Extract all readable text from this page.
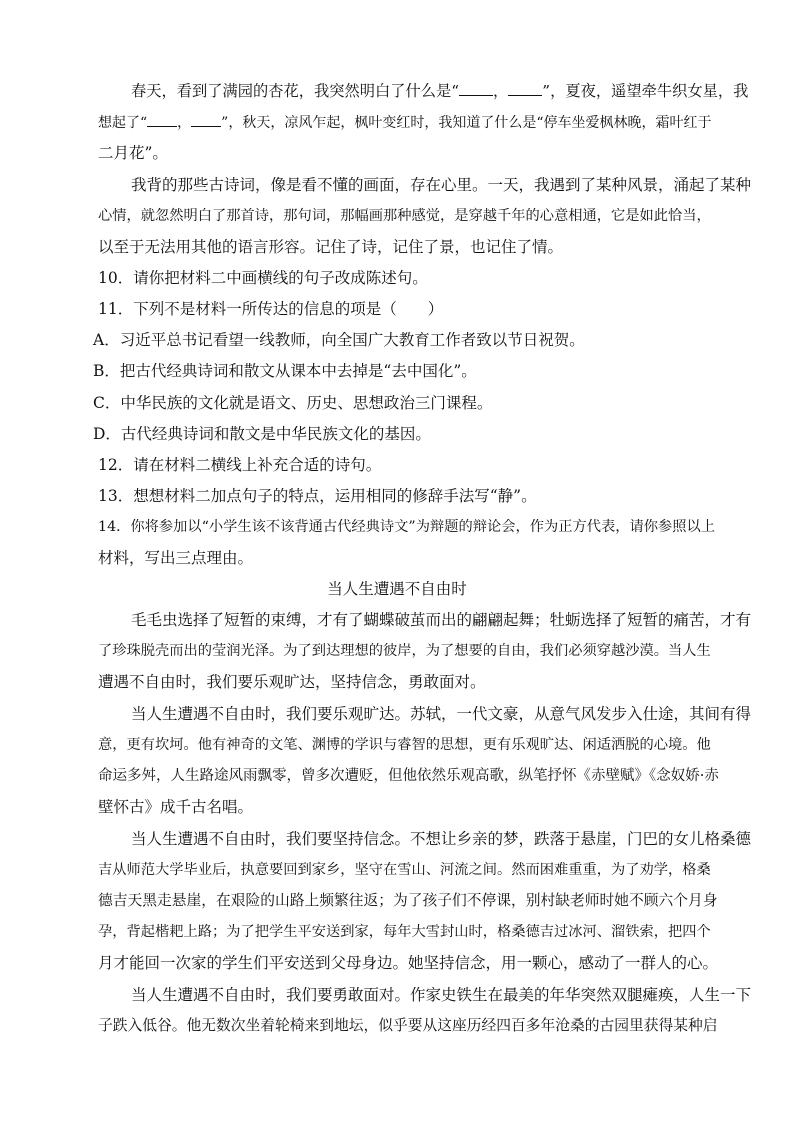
春天，看到了满园的杏花，我突然明白了什么是“ ， ”，夏夜，遥望牵牛织女星，我
想起了“ ， ”，秋天，凉风乍起，枫叶变红时，我知道了什么是“停车坐爱枫林晚，霜叶红于
二月花”。
我背的那些古诗词，像是看不懂的画面，存在心里。一天，我遇到了某种风景，涌起了某种
心情，就忽然明白了那首诗，那句词，那幅画那种感觉，是穿越千年的心意相通，它是如此恰当，
以至于无法用其他的语言形容。记住了诗，记住了景，也记住了情。
10．请你把材料二中画横线的句子改成陈述句。
11．下列不是材料一所传达的信息的项是（　　）
A．习近平总书记看望一线教师，向全国广大教育工作者致以节日祝贺。
B．把古代经典诗词和散文从课本中去掉是“去中国化”。
C．中华民族的文化就是语文、历史、思想政治三门课程。
D．古代经典诗词和散文是中华民族文化的基因。
12．请在材料二横线上补充合适的诗句。
13．想想材料二加点句子的特点，运用相同的修辞手法写“静”。
14．你将参加以“小学生该不该背通古代经典诗文”为辩题的辩论会，作为正方代表，请你参照以上
材料，写出三点理由。
当人生遭遇不自由时
毛毛虫选择了短暂的束缚，才有了蝴蝶破茧而出的翩翩起舞；牡蛎选择了短暂的痛苦，才有
了珍珠脱壳而出的莹润光泽。为了到达理想的彼岸，为了想要的自由，我们必须穿越沙漠。当人生
遭遇不自由时，我们要乐观旷达，坚持信念，勇敢面对。
当人生遭遇不自由时，我们要乐观旷达。苏轼，一代文豪，从意气风发步入仕途，其间有得
意，更有坎坷。他有神奇的文笔、渊博的学识与睿智的思想，更有乐观旷达、闲适洒脱的心境。他
命运多舛，人生路途风雨飘零，曾多次遭贬，但他依然乐观高歌，纵笔抒怀《赤壁赋》《念奴娇·赤
壁怀古》成千古名唱。
当人生遭遇不自由时，我们要坚持信念。不想让乡亲的梦，跌落于悬崖，门巴的女儿格桑德
吉从师范大学毕业后，执意要回到家乡，坚守在雪山、河流之间。然而困难重重，为了劝学，格桑
德吉天黑走悬崖，在艰险的山路上频繁往返；为了孩子们不停课，别村缺老师时她不顾六个月身
孕，背起楷耙上路；为了把学生平安送到家，每年大雪封山时，格桑德吉过冰河、溜铁索，把四个
月才能回一次家的学生们平安送到父母身边。她坚持信念，用一颗心，感动了一群人的心。
当人生遭遇不自由时，我们要勇敢面对。作家史铁生在最美的年华突然双腿瘫痪，人生一下
子跌入低谷。他无数次坐着轮椅来到地坛，似乎要从这座历经四百多年沧桑的古园里获得某种启
